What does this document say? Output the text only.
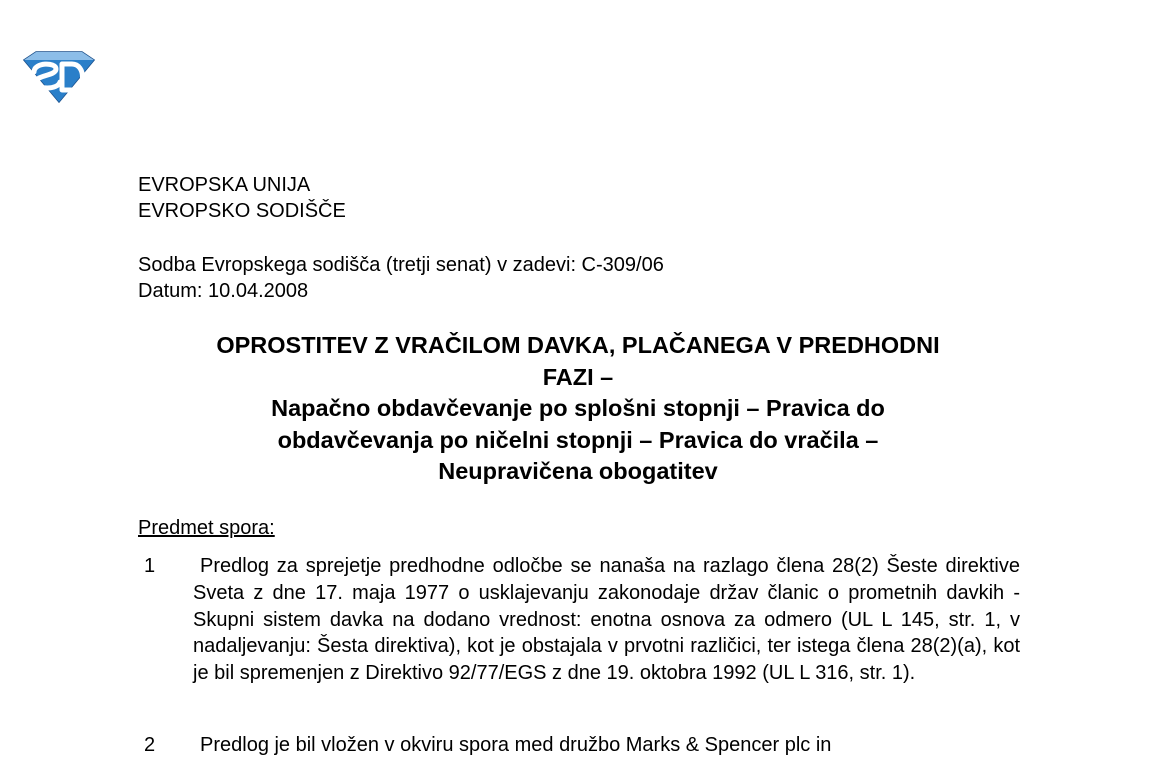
EVROPSKA UNIJA
EVROPSKO SODIŠČE
Sodba Evropskega sodišča (tretji senat) v zadevi: C-309/06
Datum: 10.04.2008
OPROSTITEV Z VRAČILOM DAVKA, PLAČANEGA V PREDHODNI
FAZI –
Napačno obdavčevanje po splošni stopnji – Pravica do
obdavčevanja po ničelni stopnji – Pravica do vračila –
Neupravičena obogatitev
Predmet spora:
1	Predlog za sprejetje predhodne odločbe se nanaša na razlago člena 28(2) Šeste direktive Sveta z dne 17. maja 1977 o usklajevanju zakonodaje držav članic o prometnih davkih - Skupni sistem davka na dodano vrednost: enotna osnova za odmero (UL L 145, str. 1, v nadaljevanju: Šesta direktiva), kot je obstajala v prvotni različici, ter istega člena 28(2)(a), kot je bil spremenjen z Direktivo 92/77/EGS z dne 19. oktobra 1992 (UL L 316, str. 1).
2	Predlog je bil vložen v okviru spora med družbo Marks & Spencer plc in
